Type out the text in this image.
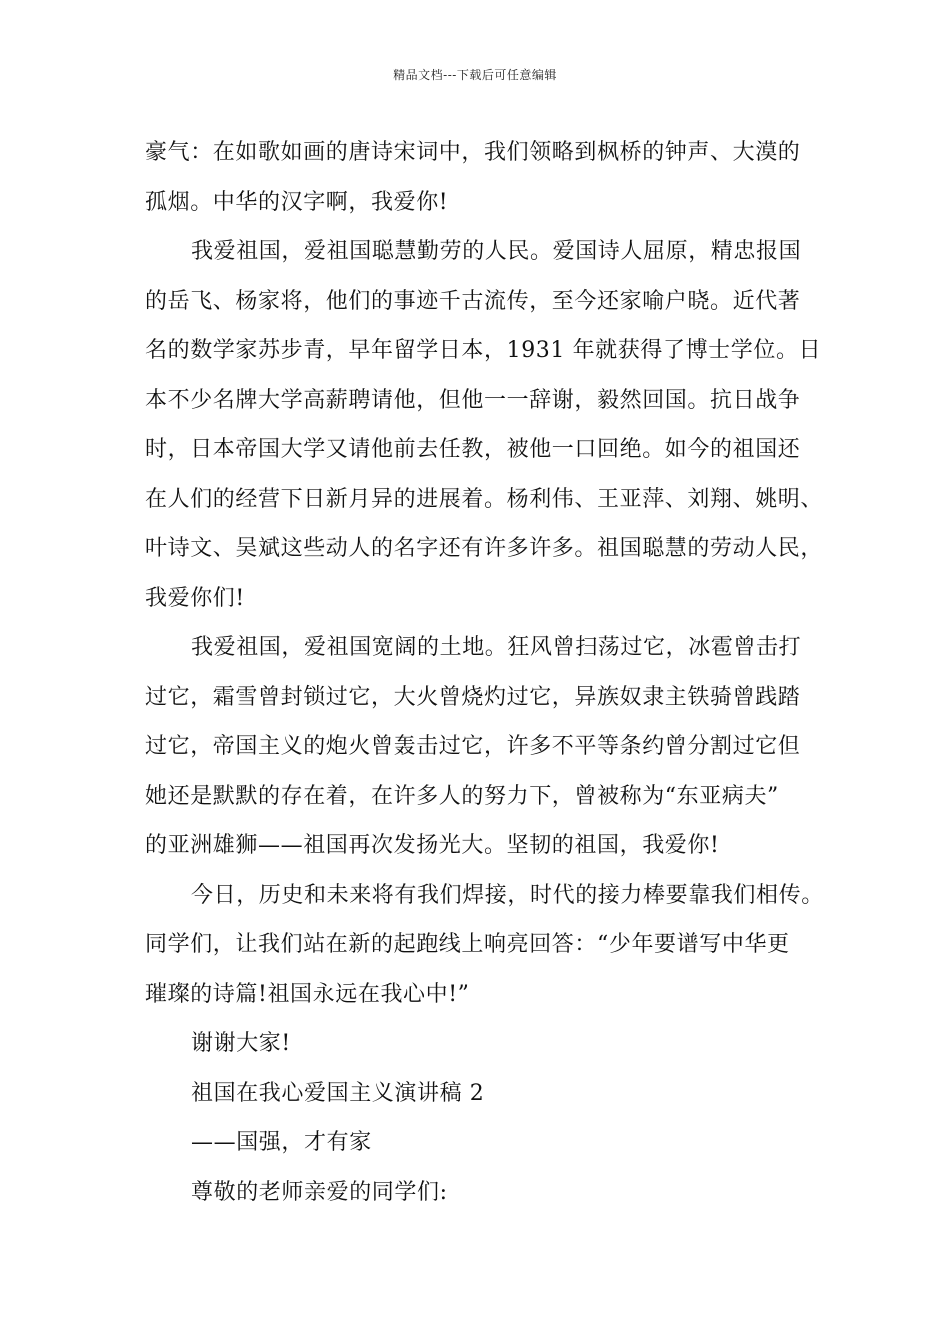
精品文档---下载后可任意编辑
豪气：在如歌如画的唐诗宋词中，我们领略到枫桥的钟声、大漠的
孤烟。中华的汉字啊，我爱你!
我爱祖国，爱祖国聪慧勤劳的人民。爱国诗人屈原，精忠报国
的岳飞、杨家将，他们的事迹千古流传，至今还家喻户晓。近代著
名的数学家苏步青，早年留学日本，1931 年就获得了博士学位。日
本不少名牌大学高薪聘请他，但他一一辞谢，毅然回国。抗日战争
时，日本帝国大学又请他前去任教，被他一口回绝。如今的祖国还
在人们的经营下日新月异的进展着。杨利伟、王亚萍、刘翔、姚明、
叶诗文、吴斌这些动人的名字还有许多许多。祖国聪慧的劳动人民，
我爱你们!
我爱祖国，爱祖国宽阔的土地。狂风曾扫荡过它，冰雹曾击打
过它，霜雪曾封锁过它，大火曾烧灼过它，异族奴隶主铁骑曾践踏
过它，帝国主义的炮火曾轰击过它，许多不平等条约曾分割过它但
她还是默默的存在着，在许多人的努力下，曾被称为“东亚病夫”
的亚洲雄狮——祖国再次发扬光大。坚韧的祖国，我爱你!
今日，历史和未来将有我们焊接，时代的接力棒要靠我们相传。
同学们，让我们站在新的起跑线上响亮回答：“少年要谱写中华更
璀璨的诗篇!祖国永远在我心中!”
谢谢大家!
祖国在我心爱国主义演讲稿 2
——国强，才有家
尊敬的老师亲爱的同学们:
